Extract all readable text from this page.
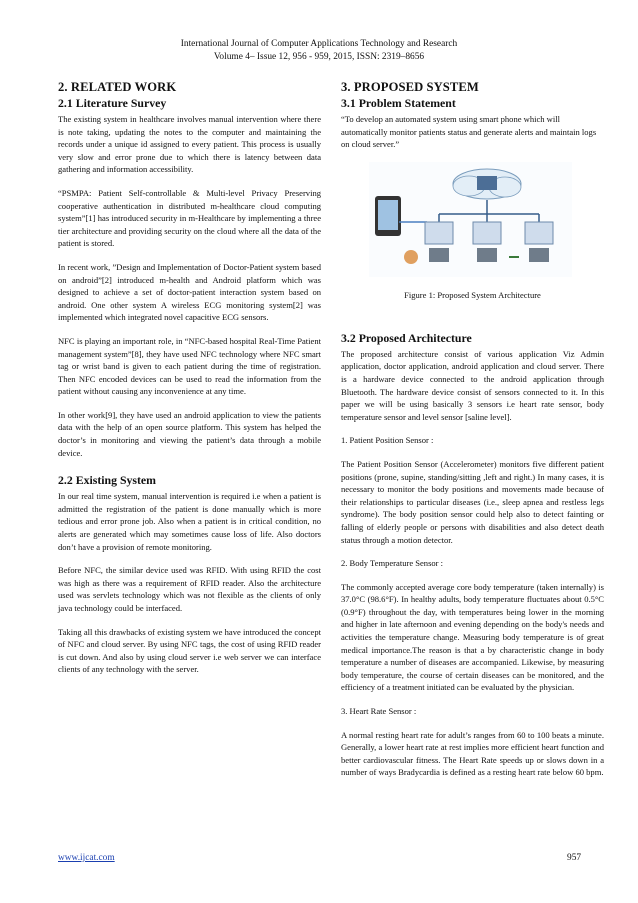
International Journal of Computer Applications Technology and Research
Volume 4– Issue 12, 956 - 959, 2015, ISSN: 2319–8656
2. RELATED WORK
2.1 Literature Survey

The existing system in healthcare involves manual intervention where there is note taking, updating the notes to the computer and maintaining the records under a unique id assigned to every patient. This process is usually very slow and error prone due to which there is latency between data gathering and information accessibility.

“PSMPA: Patient Self-controllable & Multi-level Privacy Preserving cooperative authentication in distributed m-healthcare cloud computing system”[1] has introduced security in m-Healthcare by implementing a three tier architecture and providing security on the cloud where all the data of the patient is stored.

In recent work, ”Design and Implementation of Doctor-Patient system based on android”[2] introduced m-health and Android platform which was designed to achieve a set of doctor-patient interaction system based on android. One other system A wireless ECG monitoring system[2] was implemented which integrated novel capacitive ECG sensors.

NFC is playing an important role, in “NFC-based hospital Real-Time Patient management system”[8], they have used NFC technology where NFC smart tag or wrist band is given to each patient during the time of registration. Then NFC encoded devices can be used to read the information from the patient without causing any inconvenience at any time.

In other work[9], they have used an android application to view the patients data with the help of an open source platform. This system has helped the doctor’s in monitoring and viewing the patient’s data through a mobile device.

2.2 Existing System

In our real time system, manual intervention is required i.e when a patient is admitted the registration of the patient is done manually which is more tedious and error prone job. Also when a patient is in critical condition, no alerts are generated which may sometimes cause loss of life. Also doctors don’t have a provision of remote monitoring.

Before NFC, the similar device used was RFID. With using RFID the cost was high as there was a requirement of RFID reader. Also the architecture used was servlets technology which was not flexible as the clients of only java technology could be interfaced.

Taking all this drawbacks of existing system we have introduced the concept of NFC and cloud server. By using NFC tags, the cost of using RFID reader is cut down. And also by using cloud server i.e web server we can interface clients of any technology with the server.

3. PROPOSED SYSTEM
3.1 Problem Statement

“To develop an automated system using smart phone which will automatically monitor patients status and generate alerts and maintain logs on cloud server.”

Figure 1: Proposed System Architecture
3.2 Proposed Architecture

The proposed architecture consist of various application Viz Admin application, doctor application, android application and cloud server. There is a hardware device connected to the android application through Bluetooth. The hardware device consist of sensors connected to it. In this paper we will be using basically 3 sensors i.e heart rate sensor, body temperature sensor and level sensor [saline level].

1. Patient Position Sensor :

The Patient Position Sensor (Accelerometer) monitors five different patient positions (prone, supine, standing/sitting ,left and right.) In many cases, it is necessary to monitor the body positions and movements made because of their relationships to particular diseases (i.e., sleep apnea and restless legs syndrome). The body position sensor could help also to detect fainting or falling of elderly people or persons with disabilities and also detect death status through a motion detector.

2. Body Temperature Sensor :

The commonly accepted average core body temperature (taken internally) is 37.0°C (98.6°F). In healthy adults, body temperature fluctuates about 0.5°C (0.9°F) throughout the day, with temperatures being lower in the morning and higher in late afternoon and evening depending on the body's needs and activities the temperature change. Measuring body temperature is of great medical importance.The reason is that a by characteristic change in body temperature a number of diseases are accompanied. Likewise, by measuring body temperature, the course of certain diseases can be monitored, and the efficiency of a treatment initiated can be evaluated by the physician.

3. Heart Rate Sensor :

A normal resting heart rate for adult’s ranges from 60 to 100 beats a minute. Generally, a lower heart rate at rest implies more efficient heart function and better cardiovascular fitness. The Heart Rate speeds up or slows down in a number of ways Bradycardia is defined as a resting heart rate below 60 bpm.

www.ijcat.com	957
